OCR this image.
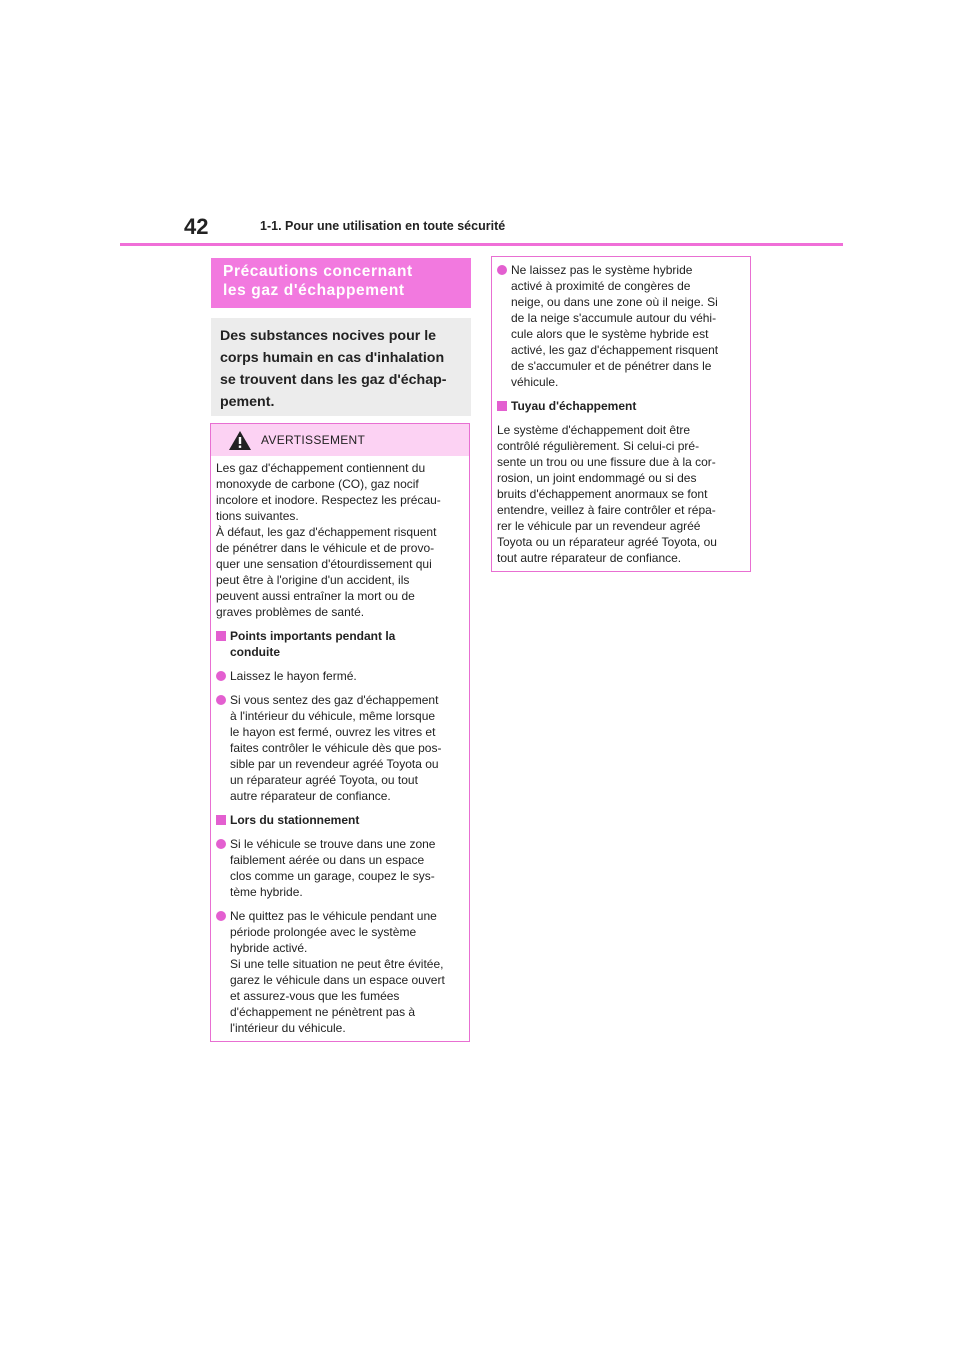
42	1-1. Pour une utilisation en toute sécurité
Précautions concernant
les gaz d'échappement
Des substances nocives pour le
corps humain en cas d'inhalation
se trouvent dans les gaz d'échap-
pement.
AVERTISSEMENT
Les gaz d'échappement contiennent du
monoxyde de carbone (CO), gaz nocif
incolore et inodore. Respectez les précau-
tions suivantes.
À défaut, les gaz d'échappement risquent
de pénétrer dans le véhicule et de provo-
quer une sensation d'étourdissement qui
peut être à l'origine d'un accident, ils
peuvent aussi entraîner la mort ou de
graves problèmes de santé.
Points importants pendant la
conduite
Laissez le hayon fermé.
Si vous sentez des gaz d'échappement
à l'intérieur du véhicule, même lorsque
le hayon est fermé, ouvrez les vitres et
faites contrôler le véhicule dès que pos-
sible par un revendeur agréé Toyota ou
un réparateur agréé Toyota, ou tout
autre réparateur de confiance.
Lors du stationnement
Si le véhicule se trouve dans une zone
faiblement aérée ou dans un espace
clos comme un garage, coupez le sys-
tème hybride.
Ne quittez pas le véhicule pendant une
période prolongée avec le système
hybride activé.
Si une telle situation ne peut être évitée,
garez le véhicule dans un espace ouvert
et assurez-vous que les fumées
d'échappement ne pénètrent pas à
l'intérieur du véhicule.
Ne laissez pas le système hybride
activé à proximité de congères de
neige, ou dans une zone où il neige. Si
de la neige s'accumule autour du véhi-
cule alors que le système hybride est
activé, les gaz d'échappement risquent
de s'accumuler et de pénétrer dans le
véhicule.
Tuyau d'échappement
Le système d'échappement doit être
contrôlé régulièrement. Si celui-ci pré-
sente un trou ou une fissure due à la cor-
rosion, un joint endommagé ou si des
bruits d'échappement anormaux se font
entendre, veillez à faire contrôler et répa-
rer le véhicule par un revendeur agréé
Toyota ou un réparateur agréé Toyota, ou
tout autre réparateur de confiance.
